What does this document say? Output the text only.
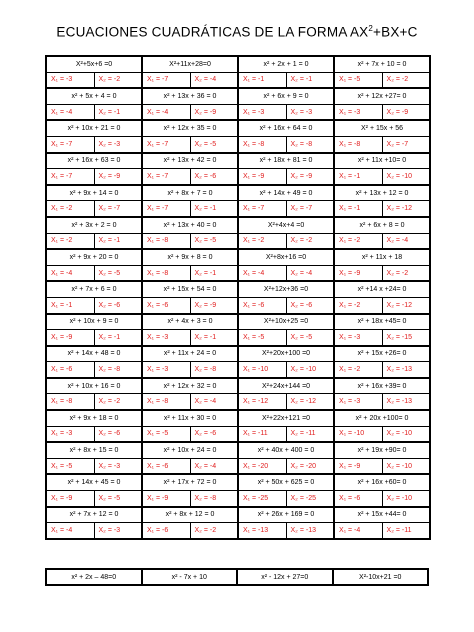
ECUACIONES CUADRÁTICAS DE LA FORMA $AX^2+BX+C$
X²+5x+6 =0		X²+11x+28=0		x² + 2x + 1 = 0		x² + 7x + 10 = 0	
X₁ = -3	X₂ = -2	X₁ = -7	X₂ = -4	X₁ = -1	X₂ = -1	X₁ = -5	X₂ = -2
x² + 5x + 4 = 0		x² + 13x + 36 = 0		x² + 6x + 9 = 0		x² + 12x +27= 0	
X₁ = -4	X₂ = -1	X₁ = -4	X₂ = -9	X₁ = -3	X₂ = -3	X₁ = -3	X₂ = -9
x² + 10x + 21 = 0		x² + 12x + 35 = 0		x² + 16x + 64 = 0		X² + 15x + 56	
X₁ = -7	X₂ = -3	X₁ = -7	X₂ = -5	X₁ = -8	X₂ = -8	X₁ = -8	X₂ = -7
x² + 16x + 63 = 0		x² + 13x + 42 = 0		x² + 18x + 81 = 0		x² + 11x +10= 0	
X₁ = -7	X₂ = -9	X₁ = -7	X₂ = -6	X₁ = -9	X₂ = -9	X₁ = -1	X₂ = -10
x² + 9x + 14 = 0		x² + 8x + 7 = 0		x² + 14x + 49 = 0		x² + 13x + 12 = 0	
X₁ = -2	X₂ = -7	X₁ = -7	X₂ = -1	X₁ = -7	X₂ = -7	X₁ = -1	X₂ = -12
x² + 3x + 2 = 0		x² + 13x + 40 = 0		X²+4x+4 =0		x² + 6x + 8 = 0	
X₁ = -2	X₂ = -1	X₁ = -8	X₂ = -5	X₁ = -2	X₂ = -2	X₁ = -2	X₂ = -4
x² + 9x + 20 = 0		x² + 9x + 8 = 0		X²+8x+16 =0		x² + 11x + 18	
X₁ = -4	X₂ = -5	X₁ = -8	X₂ = -1	X₁ = -4	X₂ = -4	X₁ = -9	X₂ = -2
x² + 7x + 6 = 0		x² + 15x + 54 = 0		X²+12x+36 =0		x² +14 x +24= 0	
X₁ = -1	X₂ = -6	X₁ = -6	X₂ = -9	X₁ = -6	X₂ = -6	X₁ = -2	X₂ = -12
x² + 10x + 9 = 0		x² + 4x + 3 = 0		X²+10x+25 =0		x² + 18x +45= 0	
X₁ = -9	X₂ = -1	X₁ = -3	X₂ = -1	X₁ = -5	X₂ = -5	X₁ = -3	X₂ = -15
x² + 14x + 48 = 0		x² + 11x + 24 = 0		X²+20x+100 =0		x² + 15x +26= 0	
X₁ = -6	X₂ = -8	X₁ = -3	X₂ = -8	X₁ = -10	X₂ = -10	X₁ = -2	X₂ = -13
x² + 10x + 16 = 0		x² + 12x + 32 = 0		X²+24x+144 =0		x² + 16x +39= 0	
X₁ = -8	X₂ = -2	X₁ = -8	X₂ = -4	X₁ = -12	X₂ = -12	X₁ = -3	X₂ = -13
x² + 9x + 18 = 0		x² + 11x + 30 = 0		X²+22x+121 =0		x² + 20x +100= 0	
X₁ = -3	X₂ = -6	X₁ = -5	X₂ = -6	X₁ = -11	X₂ = -11	X₁ = -10	X₂ = -10
x² + 8x + 15 = 0		x² + 10x + 24 = 0		x² + 40x + 400 = 0		x² + 19x +90= 0	
X₁ = -5	X₂ = -3	X₁ = -6	X₂ = -4	X₁ = -20	X₂ = -20	X₁ = -9	X₂ = -10
x² + 14x + 45 = 0		x² + 17x + 72 = 0		x² + 50x + 625 = 0		x² + 16x +60= 0	
X₁ = -9	X₂ = -5	X₁ = -9	X₂ = -8	X₁ = -25	X₂ = -25	X₁ = -6	X₂ = -10
x² + 7x + 12 = 0		x² + 8x + 12 = 0		x² + 26x + 169 = 0		x² + 15x +44= 0	
X₁ = -4	X₂ = -3	X₁ = -6	X₂ = -2	X₁ = -13	X₂ = -13	X₁ = -4	X₂ = -11
x² + 2x – 48=0	x² - 7x + 10	x² - 12x + 27=0	X²-10x+21 =0
